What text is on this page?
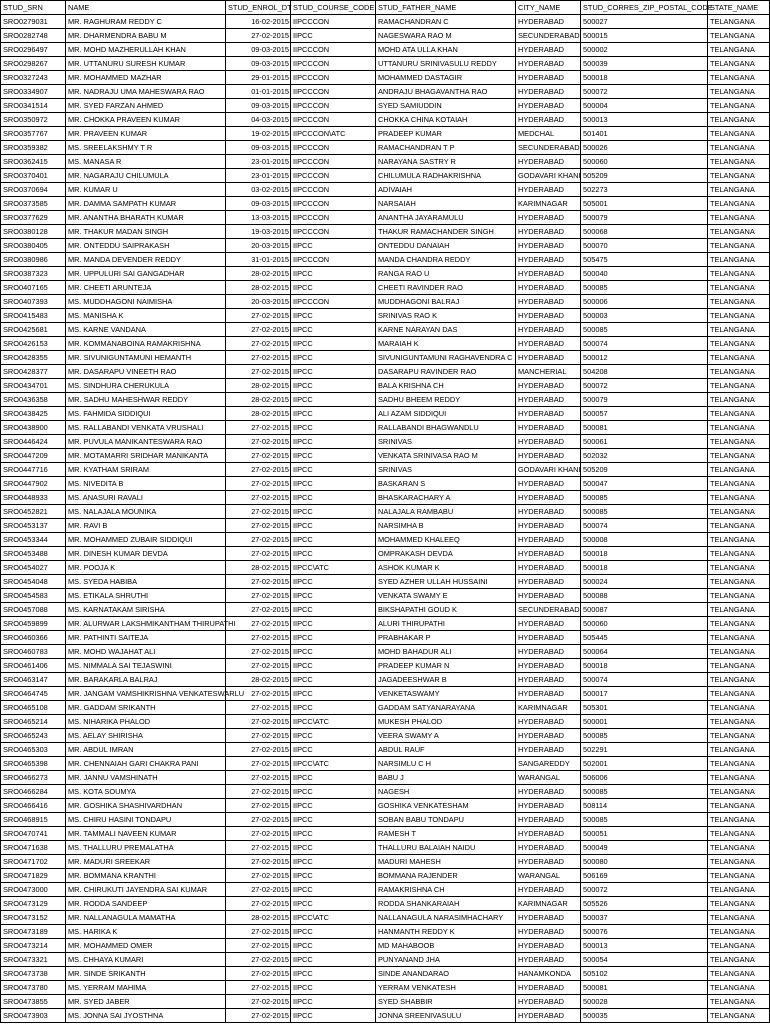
STUD_SRN	NAME	STUD_ENROL_DT	STUD_COURSE_CODE	STUD_FATHER_NAME	CITY_NAME	STUD_CORRES_ZIP_POSTAL_CODE	STATE_NAME
SRO0279031	MR. RAGHURAM REDDY C	16-02-2015	IIPCCCON	RAMACHANDRAN C	HYDERABAD	500027	TELANGANA
SRO0282748	MR. DHARMENDRA BABU M	27-02-2015	IIPCC	NAGESWARA RAO M	SECUNDERABAD	500015	TELANGANA
SRO0296497	MR. MOHD MAZHERULLAH KHAN	09-03-2015	IIPCCCON	MOHD ATA ULLA KHAN	HYDERABAD	500002	TELANGANA
SRO0298267	MR. UTTANURU SURESH KUMAR	09-03-2015	IIPCCCON	UTTANURU SRINIVASULU REDDY	HYDERABAD	500039	TELANGANA
SRO0327243	MR. MOHAMMED MAZHAR	29-01-2015	IIPCCCON	MOHAMMED DASTAGIR	HYDERABAD	500018	TELANGANA
SRO0334907	MR. NADRAJU UMA MAHESWARA RAO	01-01-2015	IIPCCCON	ANDRAJU BHAGAVANTHA RAO	HYDERABAD	500072	TELANGANA
SRO0341514	MR. SYED FARZAN AHMED	09-03-2015	IIPCCCON	SYED SAMIUDDIN	HYDERABAD	500004	TELANGANA
SRO0350972	MR. CHOKKA PRAVEEN KUMAR	04-03-2015	IIPCCCON	CHOKKA CHINA KOTAIAH	HYDERABAD	500013	TELANGANA
SRO0357767	MR. PRAVEEN KUMAR	19-02-2015	IIPCCCON\ATC	PRADEEP KUMAR	MEDCHAL	501401	TELANGANA
SRO0359382	MS. SREELAKSHMY T R	09-03-2015	IIPCCCON	RAMACHANDRAN T P	SECUNDERABAD	500026	TELANGANA
SRO0362415	MS. MANASA R	23-01-2015	IIPCCCON	NARAYANA SASTRY R	HYDERABAD	500060	TELANGANA
SRO0370401	MR. NAGARAJU CHILUMULA	23-01-2015	IIPCCCON	CHILUMULA RADHAKRISHNA	GODAVARI KHANI	505209	TELANGANA
SRO0370694	MR. KUMAR U	03-02-2015	IIPCCCON	ADIVAIAH	HYDERABAD	502273	TELANGANA
SRO0373585	MR. DAMMA SAMPATH KUMAR	09-03-2015	IIPCCCON	NARSAIAH	KARIMNAGAR	505001	TELANGANA
SRO0377629	MR. ANANTHA BHARATH KUMAR	13-03-2015	IIPCCCON	ANANTHA JAYARAMULU	HYDERABAD	500079	TELANGANA
SRO0380128	MR. THAKUR MADAN SINGH	19-03-2015	IIPCCCON	THAKUR RAMACHANDER SINGH	HYDERABAD	500068	TELANGANA
SRO0380405	MR. ONTEDDU SAIPRAKASH	20-03-2015	IIPCC	ONTEDDU DANAIAH	HYDERABAD	500070	TELANGANA
SRO0380986	MR. MANDA DEVENDER REDDY	31-01-2015	IIPCCCON	MANDA CHANDRA REDDY	HYDERABAD	505475	TELANGANA
SRO0387323	MR. UPPULURI SAI GANGADHAR	28-02-2015	IIPCC	RANGA RAO U	HYDERABAD	500040	TELANGANA
SRO0407165	MR. CHEETI ARUNTEJA	28-02-2015	IIPCC	CHEETI RAVINDER RAO	HYDERABAD	500085	TELANGANA
SRO0407393	MS. MUDDHAGONI NAIMISHA	20-03-2015	IIPCCCON	MUDDHAGONI BALRAJ	HYDERABAD	500006	TELANGANA
SRO0415483	MS. MANISHA K	27-02-2015	IIPCC	SRINIVAS RAO K	HYDERABAD	500003	TELANGANA
SRO0425681	MS. KARNE VANDANA	27-02-2015	IIPCC	KARNE NARAYAN DAS	HYDERABAD	500085	TELANGANA
SRO0426153	MR. KOMMANABOINA RAMAKRISHNA	27-02-2015	IIPCC	MARAIAH K	HYDERABAD	500074	TELANGANA
SRO0428355	MR. SIVUNIGUNTAMUNI HEMANTH	27-02-2015	IIPCC	SIVUNIGUNTAMUNI RAGHAVENDRA C	HYDERABAD	500012	TELANGANA
SRO0428377	MR. DASARAPU VINEETH RAO	27-02-2015	IIPCC	DASARAPU RAVINDER RAO	MANCHERIAL	504208	TELANGANA
SRO0434701	MS. SINDHURA CHERUKULA	28-02-2015	IIPCC	BALA KRISHNA CH	HYDERABAD	500072	TELANGANA
SRO0436358	MR. SADHU MAHESHWAR REDDY	28-02-2015	IIPCC	SADHU BHEEM REDDY	HYDERABAD	500079	TELANGANA
SRO0438425	MS. FAHMIDA SIDDIQUI	28-02-2015	IIPCC	ALI AZAM SIDDIQUI	HYDERABAD	500057	TELANGANA
SRO0438900	MS. RALLABANDI VENKATA VRUSHALI	27-02-2015	IIPCC	RALLABANDI BHAGWANDLU	HYDERABAD	500081	TELANGANA
SRO0446424	MR. PUVULA MANIKANTESWARA RAO	27-02-2015	IIPCC	SRINIVAS	HYDERABAD	500061	TELANGANA
SRO0447209	MR. MOTAMARRI SRIDHAR MANIKANTA	27-02-2015	IIPCC	VENKATA SRINIVASA RAO M	HYDERABAD	502032	TELANGANA
SRO0447716	MR. KYATHAM SRIRAM	27-02-2015	IIPCC	SRINIVAS	GODAVARI KHANI	505209	TELANGANA
SRO0447902	MS. NIVEDITA B	27-02-2015	IIPCC	BASKARAN S	HYDERABAD	500047	TELANGANA
SRO0448933	MS. ANASURI RAVALI	27-02-2015	IIPCC	BHASKARACHARY A	HYDERABAD	500085	TELANGANA
SRO0452821	MS. NALAJALA MOUNIKA	27-02-2015	IIPCC	NALAJALA RAMBABU	HYDERABAD	500085	TELANGANA
SRO0453137	MR. RAVI B	27-02-2015	IIPCC	NARSIMHA B	HYDERABAD	500074	TELANGANA
SRO0453344	MR. MOHAMMED ZUBAIR SIDDIQUI	27-02-2015	IIPCC	MOHAMMED KHALEEQ	HYDERABAD	500008	TELANGANA
SRO0453488	MR. DINESH KUMAR DEVDA	27-02-2015	IIPCC	OMPRAKASH DEVDA	HYDERABAD	500018	TELANGANA
SRO0454027	MR. POOJA K	28-02-2015	IIPCC\ATC	ASHOK KUMAR K	HYDERABAD	500018	TELANGANA
SRO0454048	MS. SYEDA HABIBA	27-02-2015	IIPCC	SYED AZHER ULLAH HUSSAINI	HYDERABAD	500024	TELANGANA
SRO0454583	MS. ETIKALA SHRUTHI	27-02-2015	IIPCC	VENKATA SWAMY E	HYDERABAD	500088	TELANGANA
SRO0457088	MS. KARNATAKAM SIRISHA	27-02-2015	IIPCC	BIKSHAPATHI GOUD K	SECUNDERABAD	500087	TELANGANA
SRO0459899	MR. ALURWAR LAKSHMIKANTHAM THIRUPATHI	27-02-2015	IIPCC	ALURI THIRUPATHI	HYDERABAD	500060	TELANGANA
SRO0460366	MR. PATHINTI SAITEJA	27-02-2015	IIPCC	PRABHAKAR P	HYDERABAD	505445	TELANGANA
SRO0460783	MR. MOHD WAJAHAT ALI	27-02-2015	IIPCC	MOHD BAHADUR ALI	HYDERABAD	500064	TELANGANA
SRO0461406	MS. NIMMALA SAI TEJASWINI	27-02-2015	IIPCC	PRADEEP KUMAR N	HYDERABAD	500018	TELANGANA
SRO0463147	MR. BARAKARLA BALRAJ	28-02-2015	IIPCC	JAGADEESHWAR B	HYDERABAD	500074	TELANGANA
SRO0464745	MR. JANGAM VAMSHIKRISHNA VENKATESWARLU	27-02-2015	IIPCC	VENKETASWAMY	HYDERABAD	500017	TELANGANA
SRO0465108	MR. GADDAM SRIKANTH	27-02-2015	IIPCC	GADDAM SATYANARAYANA	KARIMNAGAR	505301	TELANGANA
SRO0465214	MS. NIHARIKA PHALOD	27-02-2015	IIPCC\ATC	MUKESH PHALOD	HYDERABAD	500001	TELANGANA
SRO0465243	MS. AELAY SHIRISHA	27-02-2015	IIPCC	VEERA SWAMY A	HYDERABAD	500085	TELANGANA
SRO0465303	MR. ABDUL IMRAN	27-02-2015	IIPCC	ABDUL RAUF	HYDERABAD	502291	TELANGANA
SRO0465398	MR. CHENNAIAH GARI CHAKRA PANI	27-02-2015	IIPCC\ATC	NARSIMLU C H	SANGAREDDY	502001	TELANGANA
SRO0466273	MR. JANNU VAMSHINATH	27-02-2015	IIPCC	BABU J	WARANGAL	506006	TELANGANA
SRO0466284	MS. KOTA SOUMYA	27-02-2015	IIPCC	NAGESH	HYDERABAD	500085	TELANGANA
SRO0466416	MR. GOSHIKA SHASHIVARDHAN	27-02-2015	IIPCC	GOSHIKA VENKATESHAM	HYDERABAD	508114	TELANGANA
SRO0468915	MS. CHIRU HASINI TONDAPU	27-02-2015	IIPCC	SOBAN BABU TONDAPU	HYDERABAD	500085	TELANGANA
SRO0470741	MR. TAMMALI NAVEEN KUMAR	27-02-2015	IIPCC	RAMESH T	HYDERABAD	500051	TELANGANA
SRO0471638	MS. THALLURU PREMALATHA	27-02-2015	IIPCC	THALLURU BALAIAH NAIDU	HYDERABAD	500049	TELANGANA
SRO0471702	MR. MADURI SREEKAR	27-02-2015	IIPCC	MADURI MAHESH	HYDERABAD	500080	TELANGANA
SRO0471829	MR. BOMMANA KRANTHI	27-02-2015	IIPCC	BOMMANA RAJENDER	WARANGAL	506169	TELANGANA
SRO0473000	MR. CHIRUKUTI JAYENDRA SAI KUMAR	27-02-2015	IIPCC	RAMAKRISHNA CH	HYDERABAD	500072	TELANGANA
SRO0473129	MR. RODDA SANDEEP	27-02-2015	IIPCC	RODDA SHANKARAIAH	KARIMNAGAR	505526	TELANGANA
SRO0473152	MR. NALLANAGULA MAMATHA	28-02-2015	IIPCC\ATC	NALLANAGULA NARASIMHACHARY	HYDERABAD	500037	TELANGANA
SRO0473189	MS. HARIKA K	27-02-2015	IIPCC	HANMANTH REDDY K	HYDERABAD	500076	TELANGANA
SRO0473214	MR. MOHAMMED OMER	27-02-2015	IIPCC	MD MAHABOOB	HYDERABAD	500013	TELANGANA
SRO0473321	MS. CHHAYA KUMARI	27-02-2015	IIPCC	PUNYANAND JHA	HYDERABAD	500054	TELANGANA
SRO0473738	MR. SINDE SRIKANTH	27-02-2015	IIPCC	SINDE ANANDARAO	HANAMKONDA	505102	TELANGANA
SRO0473780	MS. YERRAM MAHIMA	27-02-2015	IIPCC	YERRAM VENKATESH	HYDERABAD	500081	TELANGANA
SRO0473855	MR. SYED JABER	27-02-2015	IIPCC	SYED SHABBIR	HYDERABAD	500028	TELANGANA
SRO0473903	MS. JONNA SAI JYOSTHNA	27-02-2015	IIPCC	JONNA SREENIVASULU	HYDERABAD	500035	TELANGANA
